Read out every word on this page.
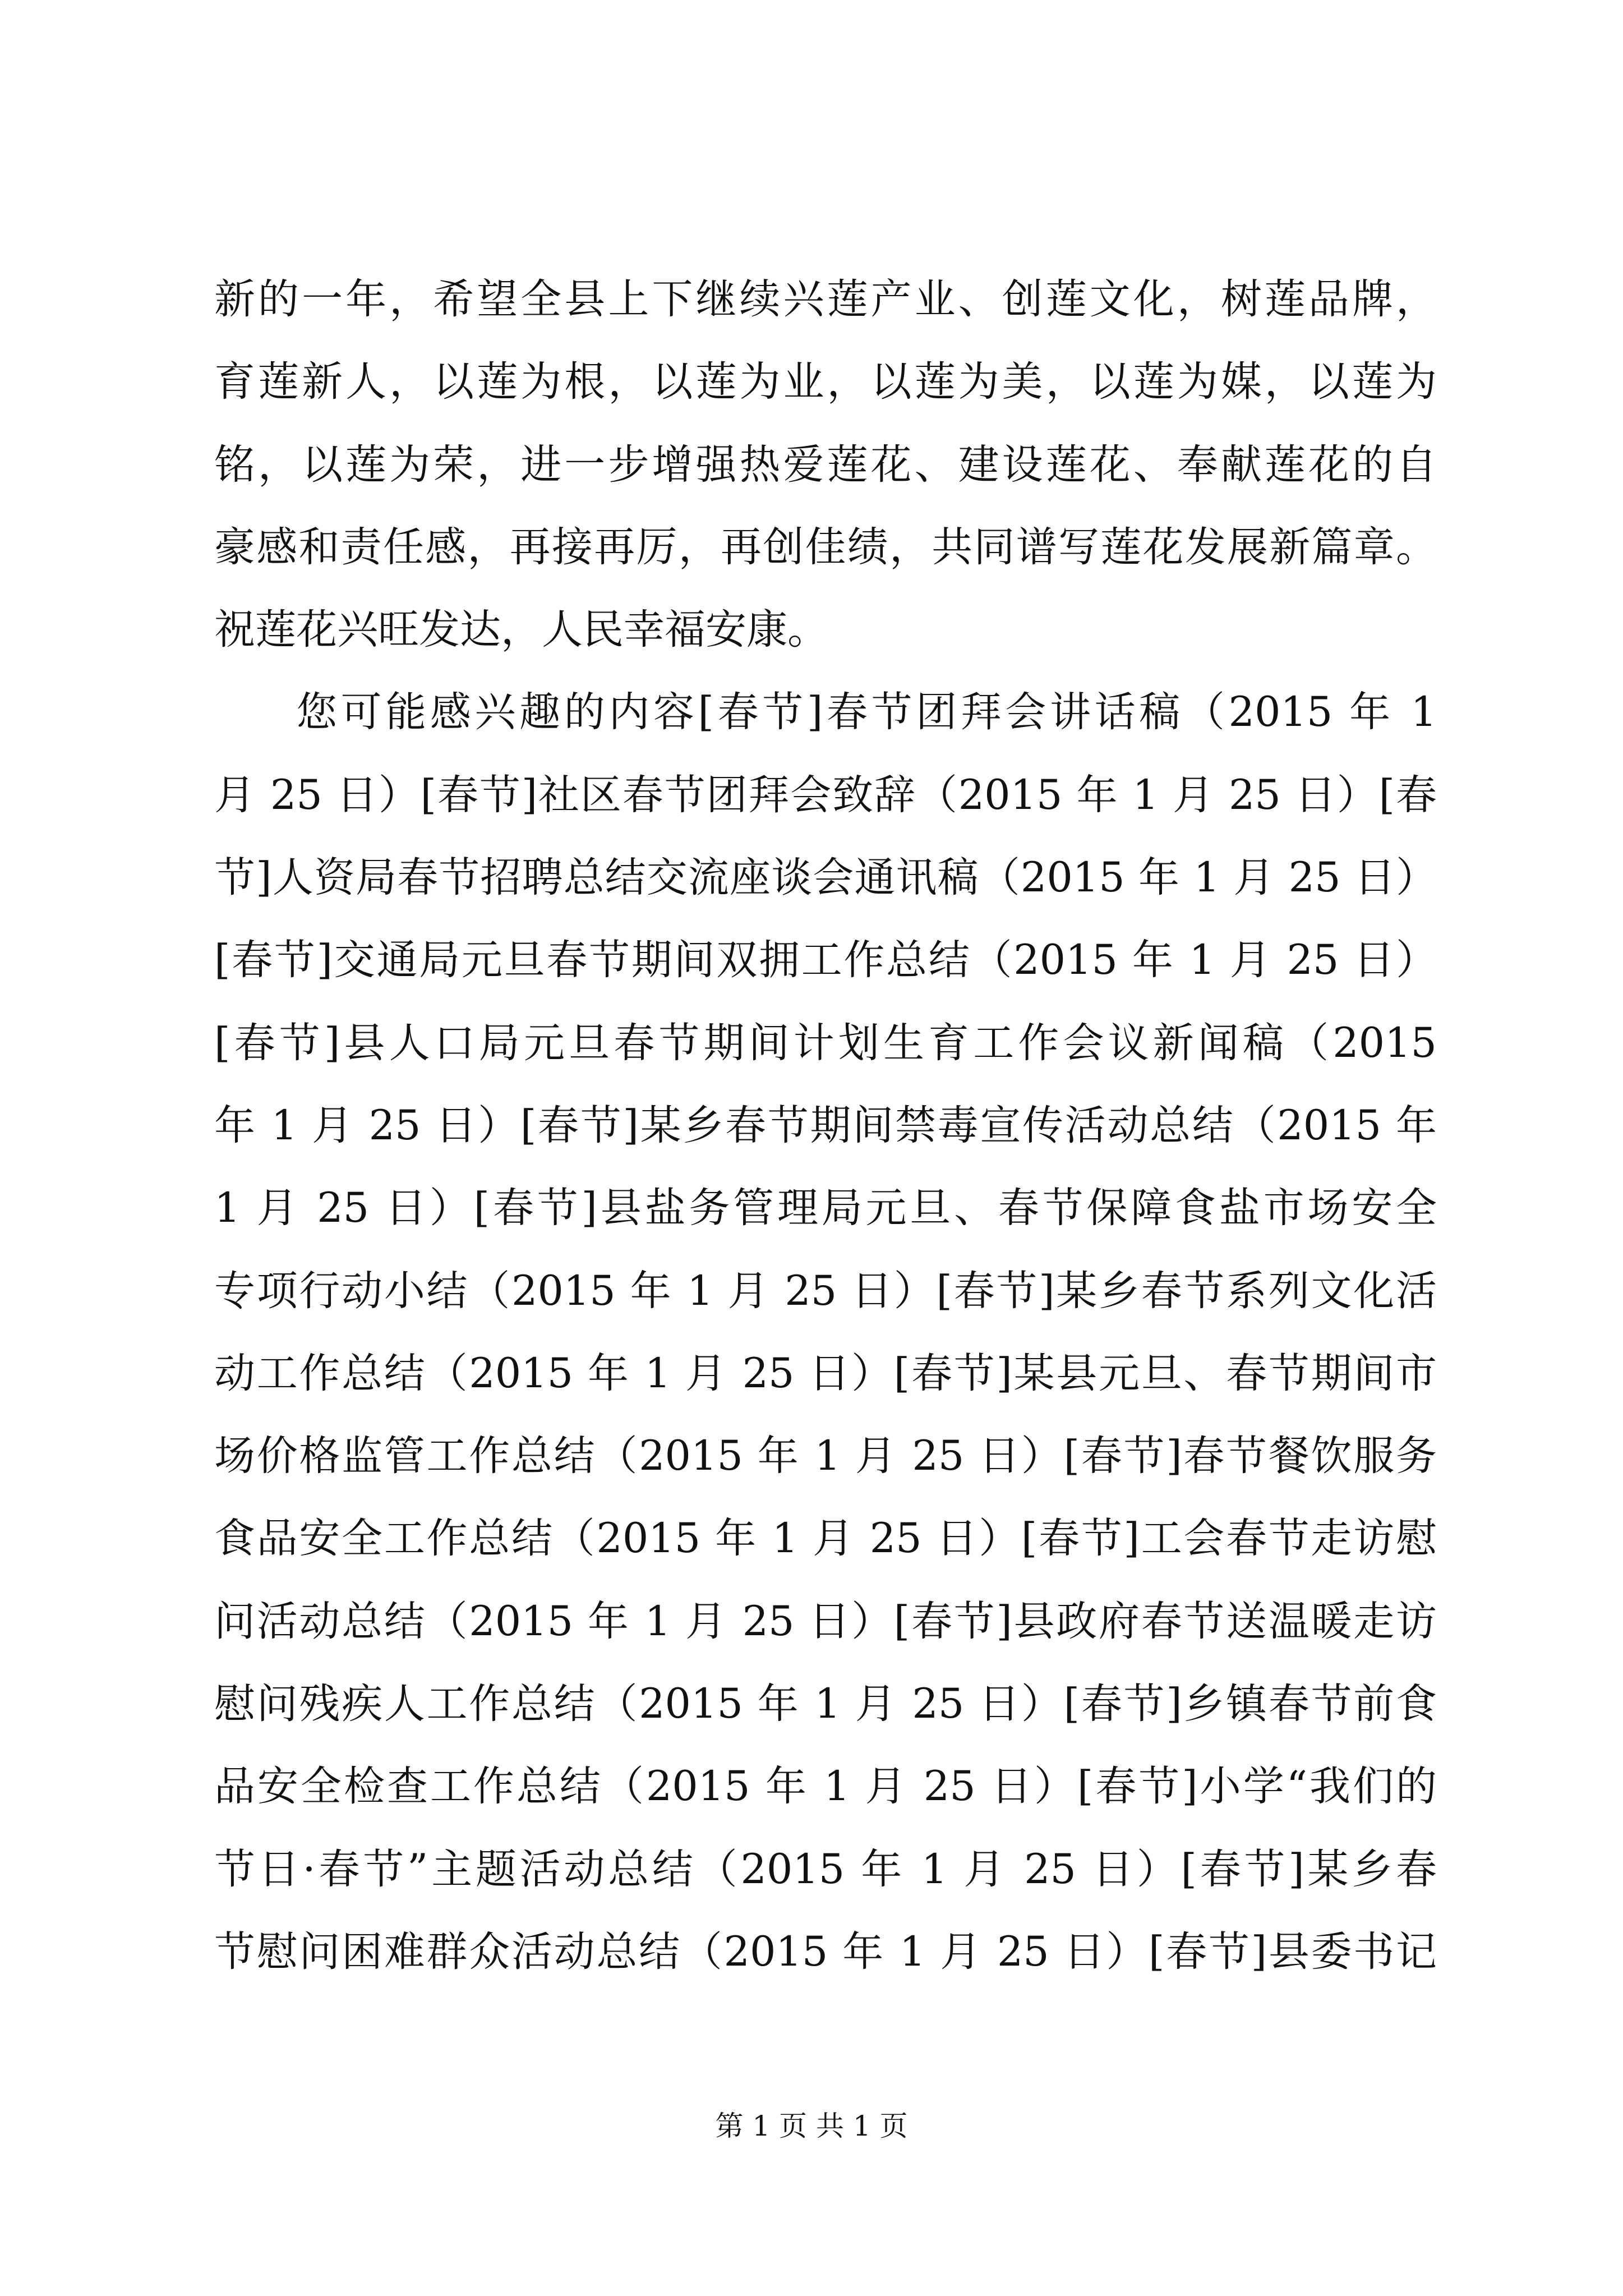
新的一年，希望全县上下继续兴莲产业、创莲文化，树莲品牌，
育莲新人，以莲为根，以莲为业，以莲为美，以莲为媒，以莲为
铭，以莲为荣，进一步增强热爱莲花、建设莲花、奉献莲花的自
豪感和责任感，再接再厉，再创佳绩，共同谱写莲花发展新篇章。
祝莲花兴旺发达，人民幸福安康。
您可能感兴趣的内容[春节]春节团拜会讲话稿（2015 年 1
月 25 日）[春节]社区春节团拜会致辞（2015 年 1 月 25 日）[春
节]人资局春节招聘总结交流座谈会通讯稿（2015 年 1 月 25 日）
[春节]交通局元旦春节期间双拥工作总结（2015 年 1 月 25 日）
[春节]县人口局元旦春节期间计划生育工作会议新闻稿（2015
年 1 月 25 日）[春节]某乡春节期间禁毒宣传活动总结（2015 年
1 月 25 日）[春节]县盐务管理局元旦、春节保障食盐市场安全
专项行动小结（2015 年 1 月 25 日）[春节]某乡春节系列文化活
动工作总结（2015 年 1 月 25 日）[春节]某县元旦、春节期间市
场价格监管工作总结（2015 年 1 月 25 日）[春节]春节餐饮服务
食品安全工作总结（2015 年 1 月 25 日）[春节]工会春节走访慰
问活动总结（2015 年 1 月 25 日）[春节]县政府春节送温暖走访
慰问残疾人工作总结（2015 年 1 月 25 日）[春节]乡镇春节前食
品安全检查工作总结（2015 年 1 月 25 日）[春节]小学“我们的
节日·春节”主题活动总结（2015 年 1 月 25 日）[春节]某乡春
节慰问困难群众活动总结（2015 年 1 月 25 日）[春节]县委书记
第 1 页 共 1 页
